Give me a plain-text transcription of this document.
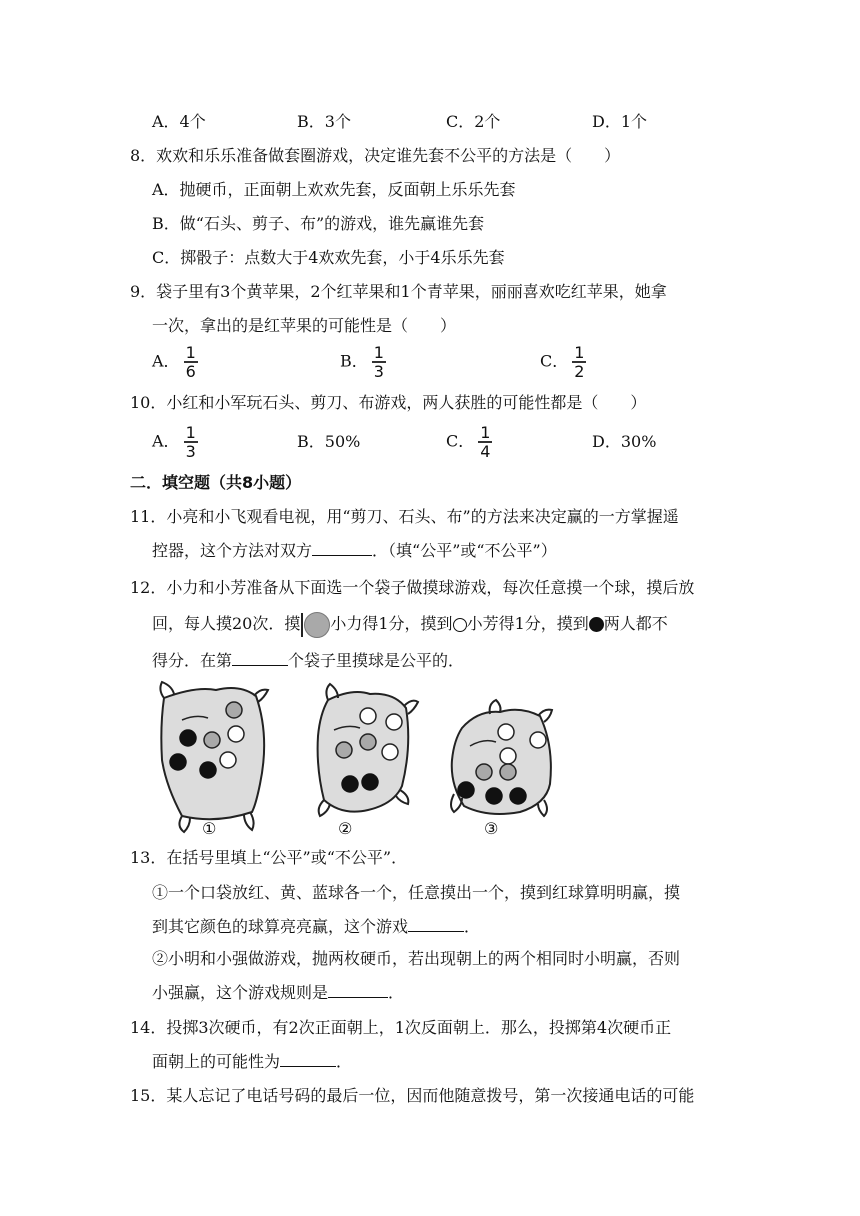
A．4个	B．3个	C．2个	D．1个
8．欢欢和乐乐准备做套圈游戏，决定谁先套不公平的方法是（　　）
A．抛硬币，正面朝上欢欢先套，反面朝上乐乐先套
B．做“石头、剪子、布”的游戏，谁先赢谁先套
C．掷骰子：点数大于4欢欢先套，小于4乐乐先套
9．袋子里有3个黄苹果，2个红苹果和1个青苹果，丽丽喜欢吃红苹果，她拿
一次，拿出的是红苹果的可能性是（　　）
A． $\frac{1}{6}$	B． $\frac{1}{3}$	C． $\frac{1}{2}$
10．小红和小军玩石头、剪刀、布游戏，两人获胜的可能性都是（　　）
A． $\frac{1}{3}$	B．50%	C． $\frac{1}{4}$	D．30%
二．填空题（共8小题）
11．小亮和小飞观看电视，用“剪刀、石头、布”的方法来决定赢的一方掌握遥
控器，这个方法对双方	．（填“公平”或“不公平”）
12．小力和小芳准备从下面选一个袋子做摸球游戏，每次任意摸一个球，摸后放
回，每人摸20次．摸 小力得1分，摸到 小芳得1分，摸到 两人都不
得分．在第	个袋子里摸球是公平的．
①	②	③
13．在括号里填上“公平”或“不公平”．
①一个口袋放红、黄、蓝球各一个，任意摸出一个，摸到红球算明明赢，摸
到其它颜色的球算亮亮赢，这个游戏	．
②小明和小强做游戏，抛两枚硬币，若出现朝上的两个相同时小明赢，否则
小强赢，这个游戏规则是	．
14．投掷3次硬币，有2次正面朝上，1次反面朝上．那么，投掷第4次硬币正
面朝上的可能性为	．
15．某人忘记了电话号码的最后一位，因而他随意拨号，第一次接通电话的可能
